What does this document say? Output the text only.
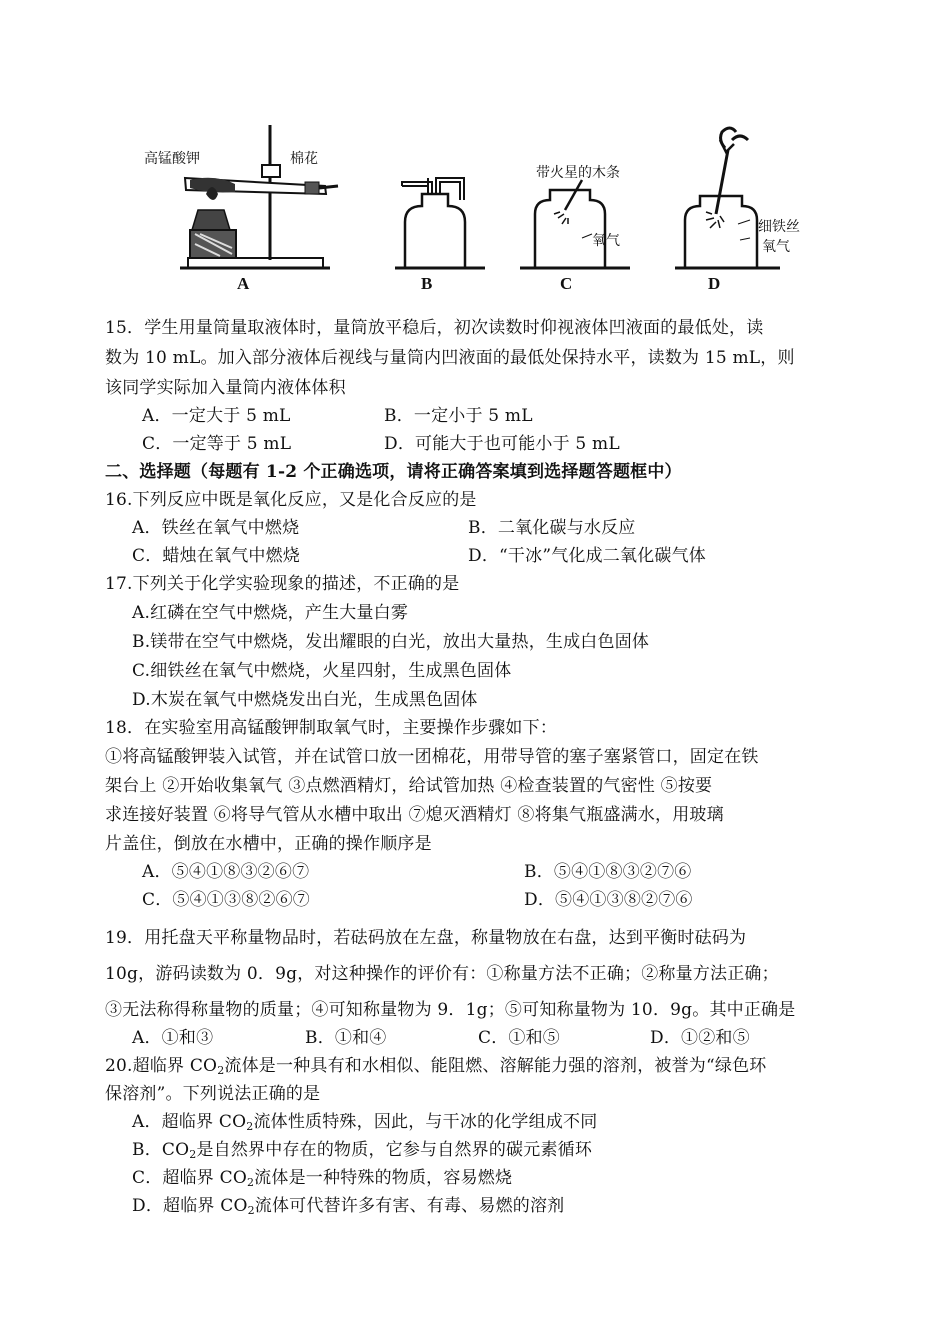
高锰酸钾	棉花
A	B
带火星的木条
氧气
C
细铁丝
氧气
D
15．学生用量筒量取液体时，量筒放平稳后，初次读数时仰视液体凹液面的最低处，读
数为 10 mL。加入部分液体后视线与量筒内凹液面的最低处保持水平，读数为 15 mL，则
该同学实际加入量筒内液体体积
A．一定大于 5 mL	B．一定小于 5 mL
C．一定等于 5 mL	D．可能大于也可能小于 5 mL
二、选择题（每题有 1-2 个正确选项，请将正确答案填到选择题答题框中）
16.下列反应中既是氧化反应，又是化合反应的是
A．铁丝在氧气中燃烧	B．二氧化碳与水反应
C．蜡烛在氧气中燃烧	D．“干冰”气化成二氧化碳气体
17.下列关于化学实验现象的描述，不正确的是
A.红磷在空气中燃烧，产生大量白雾
B.镁带在空气中燃烧，发出耀眼的白光，放出大量热，生成白色固体
C.细铁丝在氧气中燃烧，火星四射，生成黑色固体
D.木炭在氧气中燃烧发出白光，生成黑色固体
18．在实验室用高锰酸钾制取氧气时，主要操作步骤如下：
①将高锰酸钾装入试管，并在试管口放一团棉花，用带导管的塞子塞紧管口，固定在铁
架台上 ②开始收集氧气 ③点燃酒精灯，给试管加热 ④检查装置的气密性 ⑤按要
求连接好装置 ⑥将导气管从水槽中取出 ⑦熄灭酒精灯 ⑧将集气瓶盛满水，用玻璃
片盖住，倒放在水槽中，正确的操作顺序是
A．⑤④①⑧③②⑥⑦	B．⑤④①⑧③②⑦⑥
C．⑤④①③⑧②⑥⑦	D．⑤④①③⑧②⑦⑥
19．用托盘天平称量物品时，若砝码放在左盘，称量物放在右盘，达到平衡时砝码为
10g，游码读数为 0．9g，对这种操作的评价有：①称量方法不正确；②称量方法正确；
③无法称得称量物的质量；④可知称量物为 9．1g；⑤可知称量物为 10．9g。其中正确是
A．①和③	B．①和④	C．①和⑤	D．①②和⑤
20.超临界 $CO_2$流体是一种具有和水相似、能阻燃、溶解能力强的溶剂，被誉为“绿色环
保溶剂”。下列说法正确的是
A．超临界 $CO_2$流体性质特殊，因此，与干冰的化学组成不同
B．$CO_2$是自然界中存在的物质，它参与自然界的碳元素循环
C．超临界 $CO_2$流体是一种特殊的物质，容易燃烧
D．超临界 $CO_2$流体可代替许多有害、有毒、易燃的溶剂
